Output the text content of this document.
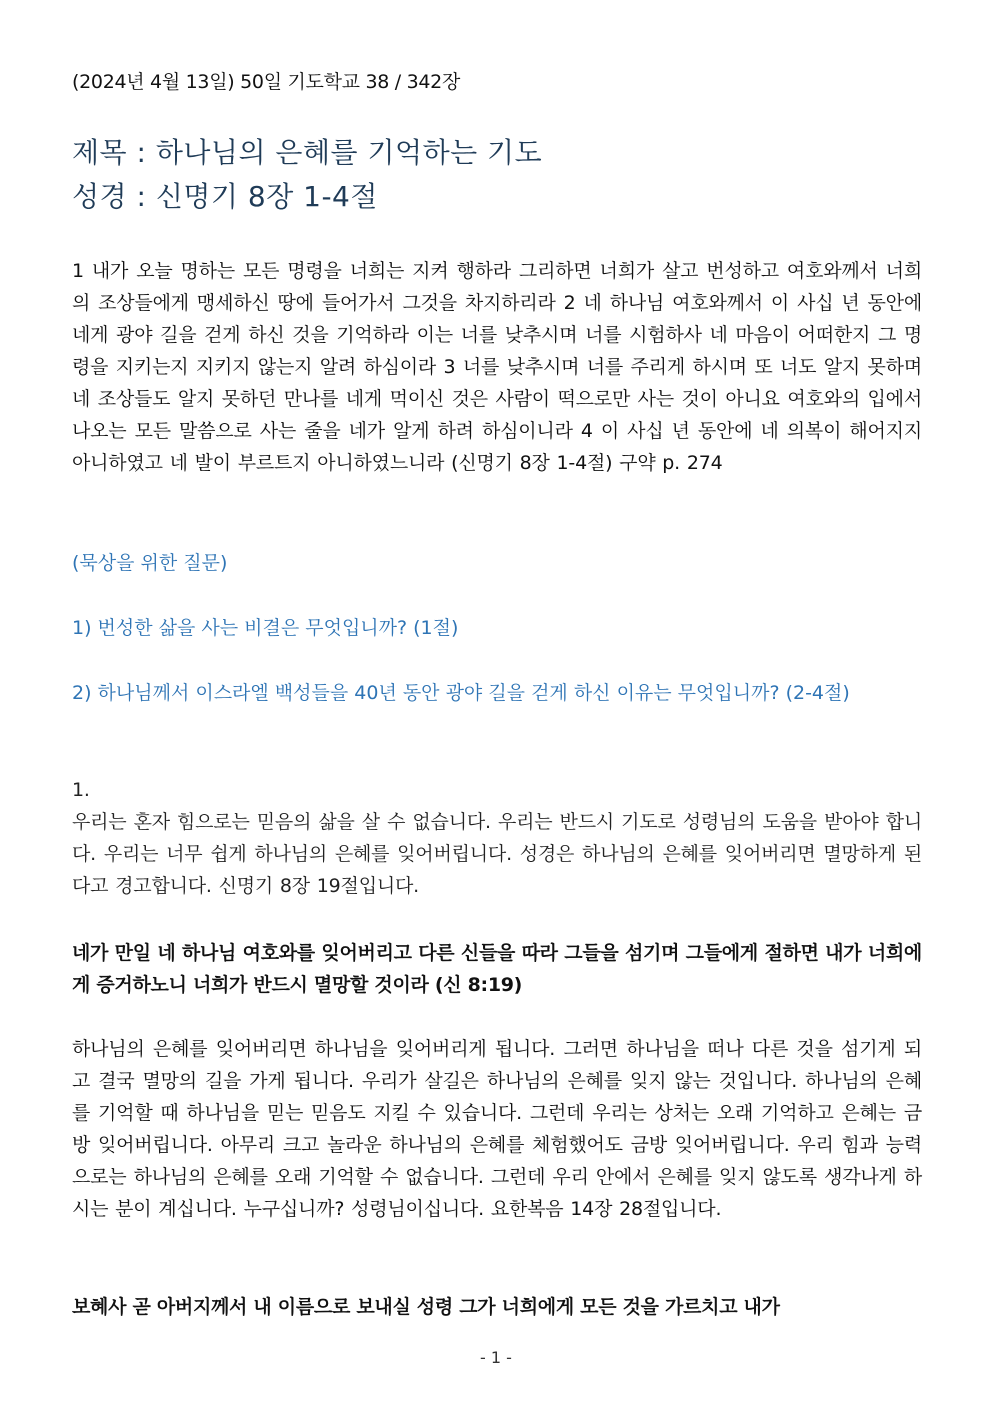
(2024년 4월 13일) 50일 기도학교 38 / 342장

제목 : 하나님의 은혜를 기억하는 기도

성경 : 신명기 8장 1-4절

1 내가 오늘 명하는 모든 명령을 너희는 지켜 행하라 그리하면 너희가 살고 번성하고 여호와께서 너희의 조상들에게 맹세하신 땅에 들어가서 그것을 차지하리라 2 네 하나님 여호와께서 이 사십 년 동안에 네게 광야 길을 걷게 하신 것을 기억하라 이는 너를 낮추시며 너를 시험하사 네 마음이 어떠한지 그 명령을 지키는지 지키지 않는지 알려 하심이라 3 너를 낮추시며 너를 주리게 하시며 또 너도 알지 못하며 네 조상들도 알지 못하던 만나를 네게 먹이신 것은 사람이 떡으로만 사는 것이 아니요 여호와의 입에서 나오는 모든 말씀으로 사는 줄을 네가 알게 하려 하심이니라 4 이 사십 년 동안에 네 의복이 해어지지 아니하였고 네 발이 부르트지 아니하였느니라 (신명기 8장 1-4절) 구약 p. 274

(묵상을 위한 질문)

1) 번성한 삶을 사는 비결은 무엇입니까? (1절)

2) 하나님께서 이스라엘 백성들을 40년 동안 광야 길을 걷게 하신 이유는 무엇입니까? (2-4절)

1.
우리는 혼자 힘으로는 믿음의 삶을 살 수 없습니다. 우리는 반드시 기도로 성령님의 도움을 받아야 합니다. 우리는 너무 쉽게 하나님의 은혜를 잊어버립니다. 성경은 하나님의 은혜를 잊어버리면 멸망하게 된다고 경고합니다. 신명기 8장 19절입니다.

네가 만일 네 하나님 여호와를 잊어버리고 다른 신들을 따라 그들을 섬기며 그들에게 절하면 내가 너희에게 증거하노니 너희가 반드시 멸망할 것이라 (신 8:19)

하나님의 은혜를 잊어버리면 하나님을 잊어버리게 됩니다. 그러면 하나님을 떠나 다른 것을 섬기게 되고 결국 멸망의 길을 가게 됩니다. 우리가 살길은 하나님의 은혜를 잊지 않는 것입니다. 하나님의 은혜를 기억할 때 하나님을 믿는 믿음도 지킬 수 있습니다. 그런데 우리는 상처는 오래 기억하고 은혜는 금방 잊어버립니다. 아무리 크고 놀라운 하나님의 은혜를 체험했어도 금방 잊어버립니다. 우리 힘과 능력으로는 하나님의 은혜를 오래 기억할 수 없습니다. 그런데 우리 안에서 은혜를 잊지 않도록 생각나게 하시는 분이 계십니다. 누구십니까? 성령님이십니다. 요한복음 14장 28절입니다.

보혜사 곧 아버지께서 내 이름으로 보내실 성령 그가 너희에게 모든 것을 가르치고 내가

- 1 -
